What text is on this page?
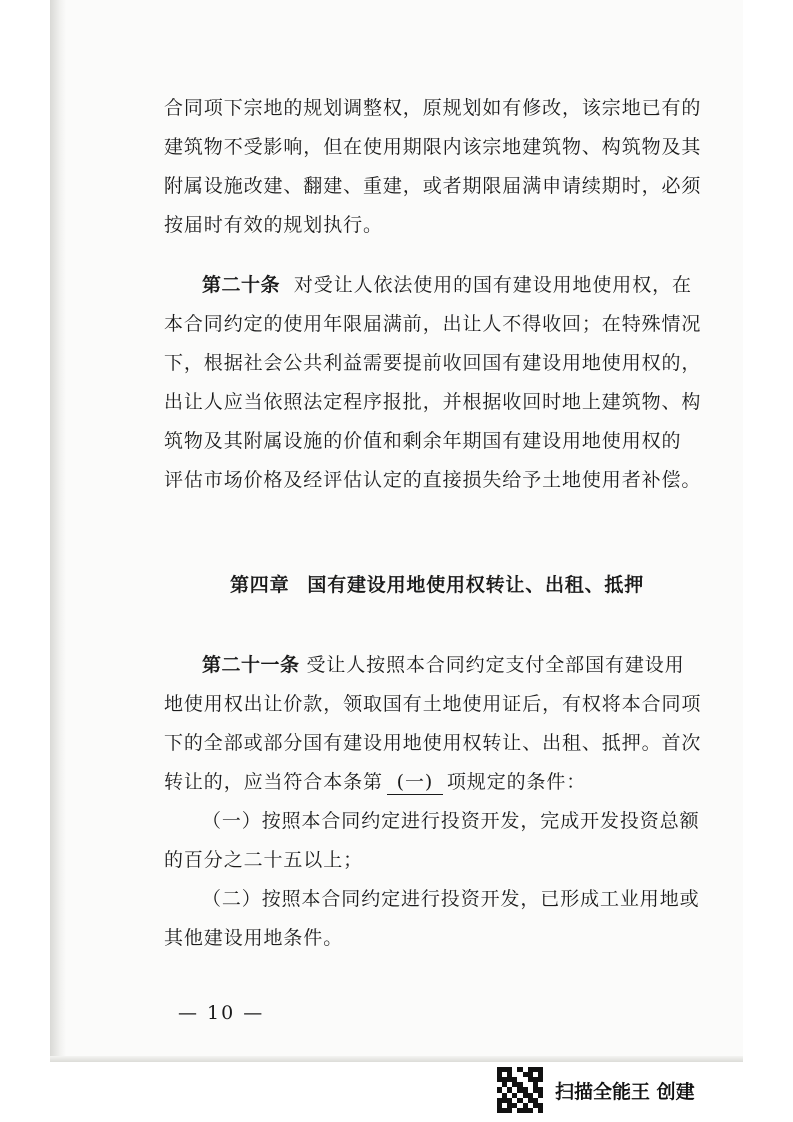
合同项下宗地的规划调整权，原规划如有修改，该宗地已有的
建筑物不受影响，但在使用期限内该宗地建筑物、构筑物及其
附属设施改建、翻建、重建，或者期限届满申请续期时，必须
按届时有效的规划执行。
第二十条 对受让人依法使用的国有建设用地使用权，在
本合同约定的使用年限届满前，出让人不得收回；在特殊情况
下，根据社会公共利益需要提前收回国有建设用地使用权的，
出让人应当依照法定程序报批，并根据收回时地上建筑物、构
筑物及其附属设施的价值和剩余年期国有建设用地使用权的
评估市场价格及经评估认定的直接损失给予土地使用者补偿。
第四章 国有建设用地使用权转让、出租、抵押
第二十一条 受让人按照本合同约定支付全部国有建设用
地使用权出让价款，领取国有土地使用证后，有权将本合同项
下的全部或部分国有建设用地使用权转让、出租、抵押。首次
转让的，应当符合本条第 (一) 项规定的条件：
（一）按照本合同约定进行投资开发，完成开发投资总额
的百分之二十五以上；
（二）按照本合同约定进行投资开发，已形成工业用地或
其他建设用地条件。
— 10 —
扫描全能王 创建
